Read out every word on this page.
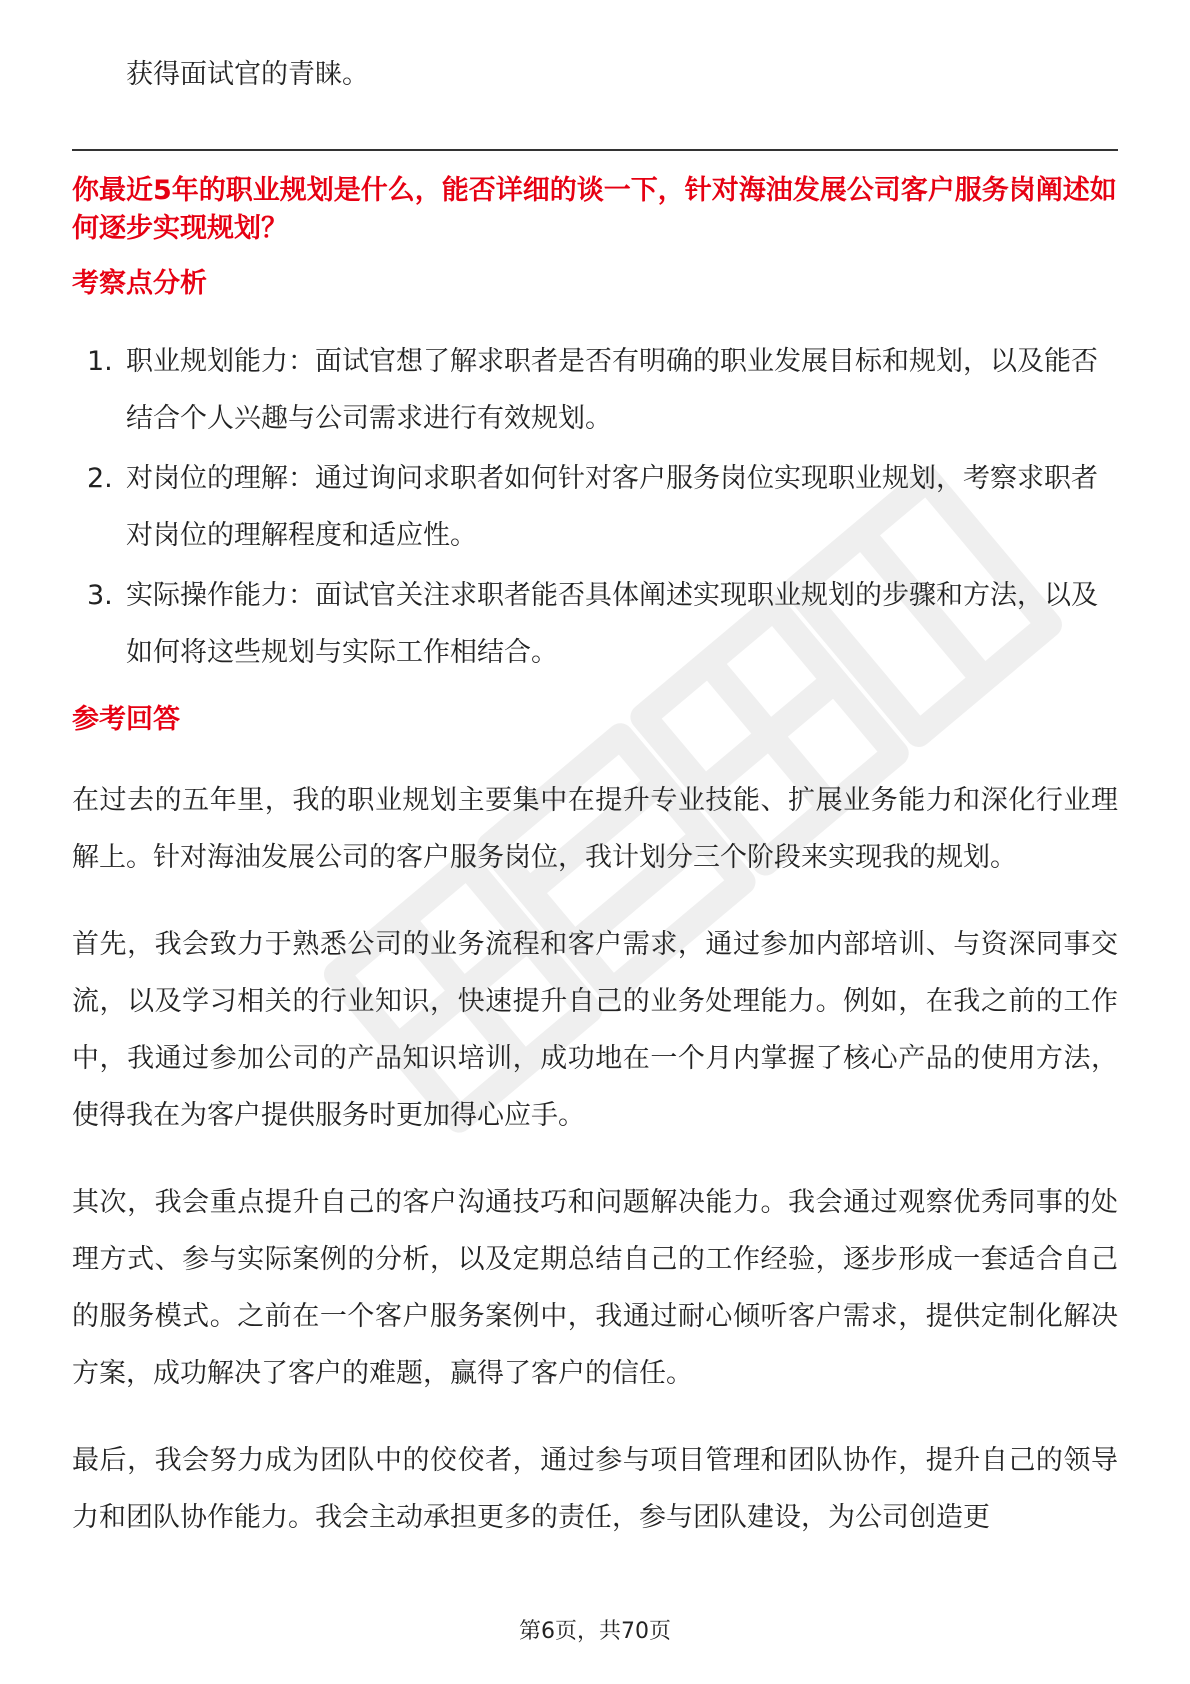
获得面试官的青睐。

你最近5年的职业规划是什么，能否详细的谈一下，针对海油发展公司客户服务岗阐述如何逐步实现规划？
考察点分析
1. 职业规划能力：面试官想了解求职者是否有明确的职业发展目标和规划，以及能否结合个人兴趣与公司需求进行有效规划。
2. 对岗位的理解：通过询问求职者如何针对客户服务岗位实现职业规划，考察求职者对岗位的理解程度和适应性。
3. 实际操作能力：面试官关注求职者能否具体阐述实现职业规划的步骤和方法，以及如何将这些规划与实际工作相结合。
参考回答

在过去的五年里，我的职业规划主要集中在提升专业技能、扩展业务能力和深化行业理解上。针对海油发展公司的客户服务岗位，我计划分三个阶段来实现我的规划。

首先，我会致力于熟悉公司的业务流程和客户需求，通过参加内部培训、与资深同事交流，以及学习相关的行业知识，快速提升自己的业务处理能力。例如，在我之前的工作中，我通过参加公司的产品知识培训，成功地在一个月内掌握了核心产品的使用方法，使得我在为客户提供服务时更加得心应手。

其次，我会重点提升自己的客户沟通技巧和问题解决能力。我会通过观察优秀同事的处理方式、参与实际案例的分析，以及定期总结自己的工作经验，逐步形成一套适合自己的服务模式。之前在一个客户服务案例中，我通过耐心倾听客户需求，提供定制化解决方案，成功解决了客户的难题，赢得了客户的信任。

最后，我会努力成为团队中的佼佼者，通过参与项目管理和团队协作，提升自己的领导力和团队协作能力。我会主动承担更多的责任，参与团队建设，为公司创造更

第6页，共70页
